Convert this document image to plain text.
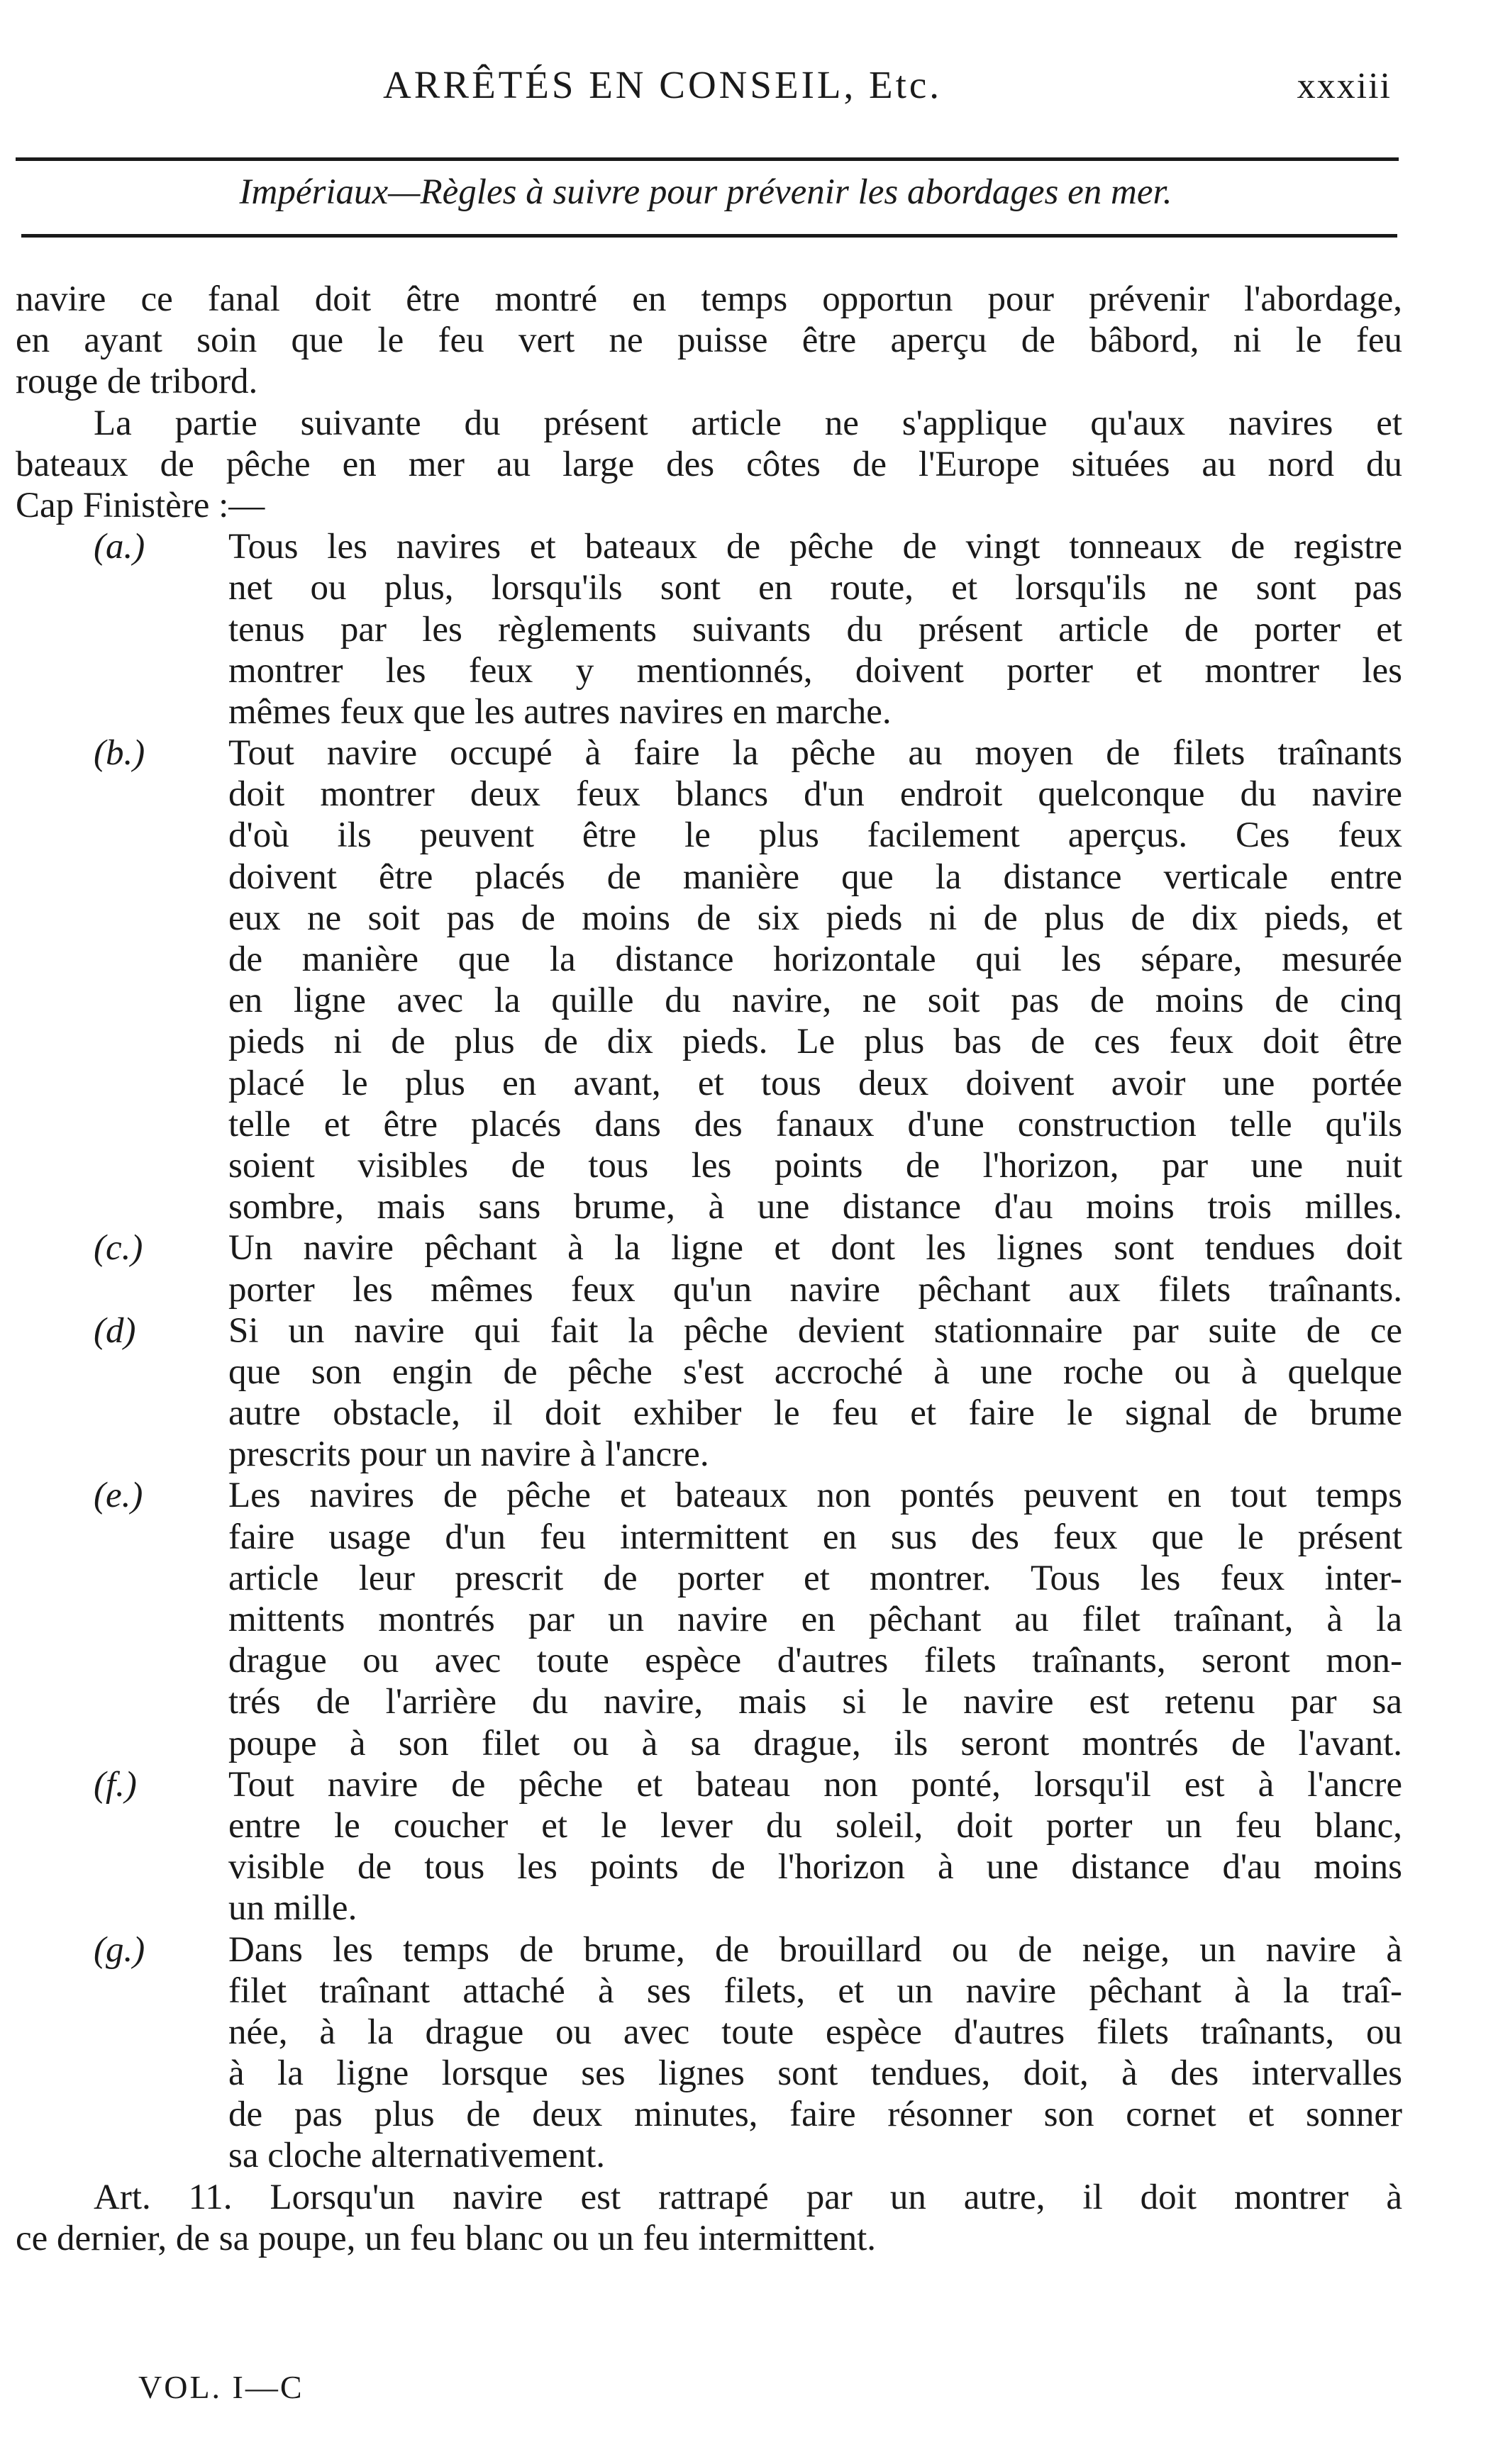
ARRÊTÉS EN CONSEIL, Etc.	xxxiii
Impériaux—Règles à suivre pour prévenir les abordages en mer.
navire ce fanal doit être montré en temps opportun pour prévenir l'abordage,
en ayant soin que le feu vert ne puisse être aperçu de bâbord, ni le feu
rouge de tribord.
La partie suivante du présent article ne s'applique qu'aux navires et
bateaux de pêche en mer au large des côtes de l'Europe situées au nord du
Cap Finistère :—
(a.)	Tous les navires et bateaux de pêche de vingt tonneaux de registre
net ou plus, lorsqu'ils sont en route, et lorsqu'ils ne sont pas
tenus par les règlements suivants du présent article de porter et
montrer les feux y mentionnés, doivent porter et montrer les
mêmes feux que les autres navires en marche.
(b.)	Tout navire occupé à faire la pêche au moyen de filets traînants
doit montrer deux feux blancs d'un endroit quelconque du navire
d'où ils peuvent être le plus facilement aperçus. Ces feux
doivent être placés de manière que la distance verticale entre
eux ne soit pas de moins de six pieds ni de plus de dix pieds, et
de manière que la distance horizontale qui les sépare, mesurée
en ligne avec la quille du navire, ne soit pas de moins de cinq
pieds ni de plus de dix pieds. Le plus bas de ces feux doit être
placé le plus en avant, et tous deux doivent avoir une portée
telle et être placés dans des fanaux d'une construction telle qu'ils
soient visibles de tous les points de l'horizon, par une nuit
sombre, mais sans brume, à une distance d'au moins trois milles.
(c.)	Un navire pêchant à la ligne et dont les lignes sont tendues doit
porter les mêmes feux qu'un navire pêchant aux filets traînants.
(d)	Si un navire qui fait la pêche devient stationnaire par suite de ce
que son engin de pêche s'est accroché à une roche ou à quelque
autre obstacle, il doit exhiber le feu et faire le signal de brume
prescrits pour un navire à l'ancre.
(e.)	Les navires de pêche et bateaux non pontés peuvent en tout temps
faire usage d'un feu intermittent en sus des feux que le présent
article leur prescrit de porter et montrer. Tous les feux inter-
mittents montrés par un navire en pêchant au filet traînant, à la
drague ou avec toute espèce d'autres filets traînants, seront mon-
trés de l'arrière du navire, mais si le navire est retenu par sa
poupe à son filet ou à sa drague, ils seront montrés de l'avant.
(f.)	Tout navire de pêche et bateau non ponté, lorsqu'il est à l'ancre
entre le coucher et le lever du soleil, doit porter un feu blanc,
visible de tous les points de l'horizon à une distance d'au moins
un mille.
(g.)	Dans les temps de brume, de brouillard ou de neige, un navire à
filet traînant attaché à ses filets, et un navire pêchant à la traî-
née, à la drague ou avec toute espèce d'autres filets traînants, ou
à la ligne lorsque ses lignes sont tendues, doit, à des intervalles
de pas plus de deux minutes, faire résonner son cornet et sonner
sa cloche alternativement.
Art. 11. Lorsqu'un navire est rattrapé par un autre, il doit montrer à
ce dernier, de sa poupe, un feu blanc ou un feu intermittent.
VOL. I—C
